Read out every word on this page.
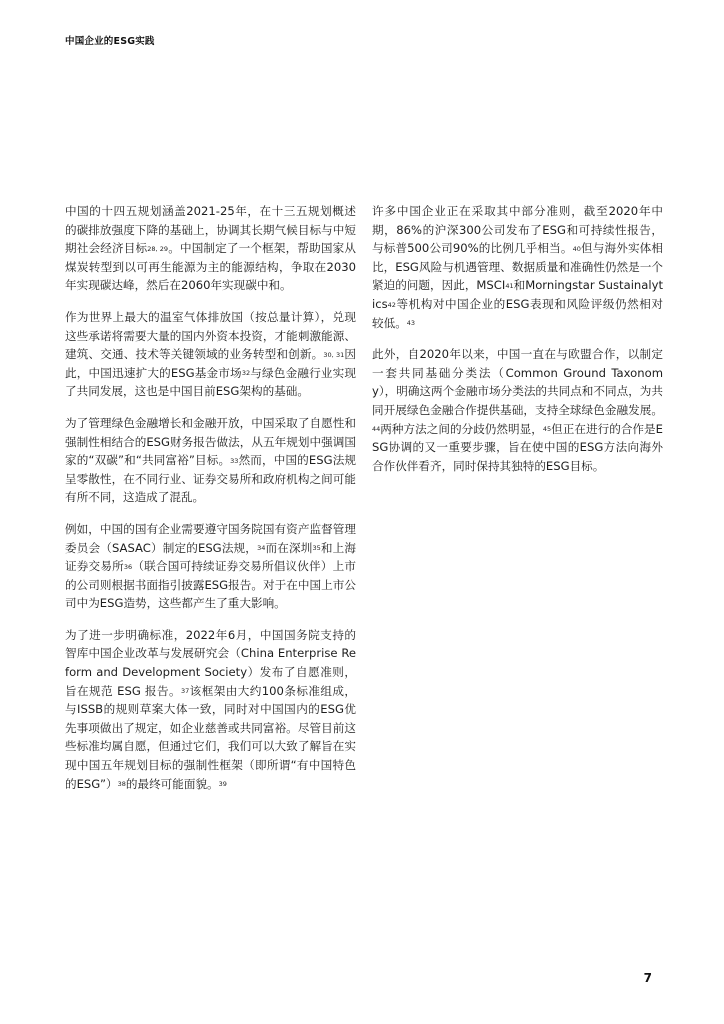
中国企业的ESG实践

中国的十四五规划涵盖2021-25年，在十三五规划概述的碳排放强度下降的基础上，协调其长期气候目标与中短期社会经济目标$^{28, 29}$。中国制定了一个框架，帮助国家从煤炭转型到以可再生能源为主的能源结构，争取在2030年实现碳达峰，然后在2060年实现碳中和。

作为世界上最大的温室气体排放国（按总量计算），兑现这些承诺将需要大量的国内外资本投资，才能刺激能源、建筑、交通、技术等关键领域的业务转型和创新。$^{30, 31}$因此，中国迅速扩大的ESG基金市场$^{32}$与绿色金融行业实现了共同发展，这也是中国目前ESG架构的基础。

为了管理绿色金融增长和金融开放，中国采取了自愿性和强制性相结合的ESG财务报告做法，从五年规划中强调国家的“双碳”和“共同富裕”目标。$^{33}$然而，中国的ESG法规呈零散性，在不同行业、证券交易所和政府机构之间可能有所不同，这造成了混乱。

例如，中国的国有企业需要遵守国务院国有资产监督管理委员会（SASAC）制定的ESG法规，$^{34}$而在深圳$^{35}$和上海证券交易所$^{36}$（联合国可持续证券交易所倡议伙伴）上市的公司则根据书面指引披露ESG报告。对于在中国上市公司中为ESG造势，这些都产生了重大影响。

为了进一步明确标准，2022年6月，中国国务院支持的智库中国企业改革与发展研究会（China Enterprise Reform and Development Society）发布了自愿准则，旨在规范 ESG 报告。$^{37}$该框架由大约100条标准组成，与ISSB的规则草案大体一致，同时对中国国内的ESG优先事项做出了规定，如企业慈善或共同富裕。尽管目前这些标准均属自愿，但通过它们，我们可以大致了解旨在实现中国五年规划目标的强制性框架（即所谓“有中国特色的ESG”）$^{38}$的最终可能面貌。$^{39}$

许多中国企业正在采取其中部分准则，截至2020年中期，86%的沪深300公司发布了ESG和可持续性报告，与标普500公司90%的比例几乎相当。$^{40}$但与海外实体相比，ESG风险与机遇管理、数据质量和准确性仍然是一个紧迫的问题，因此，MSCI$^{41}$和Morningstar Sustainalytics$^{42}$等机构对中国企业的ESG表现和风险评级仍然相对较低。$^{43}$

此外，自2020年以来，中国一直在与欧盟合作，以制定一套共同基础分类法（Common Ground Taxonomy），明确这两个金融市场分类法的共同点和不同点，为共同开展绿色金融合作提供基础，支持全球绿色金融发展。$^{44}$两种方法之间的分歧仍然明显，$^{45}$但正在进行的合作是ESG协调的又一重要步骤，旨在使中国的ESG方法向海外合作伙伴看齐，同时保持其独特的ESG目标。

7
